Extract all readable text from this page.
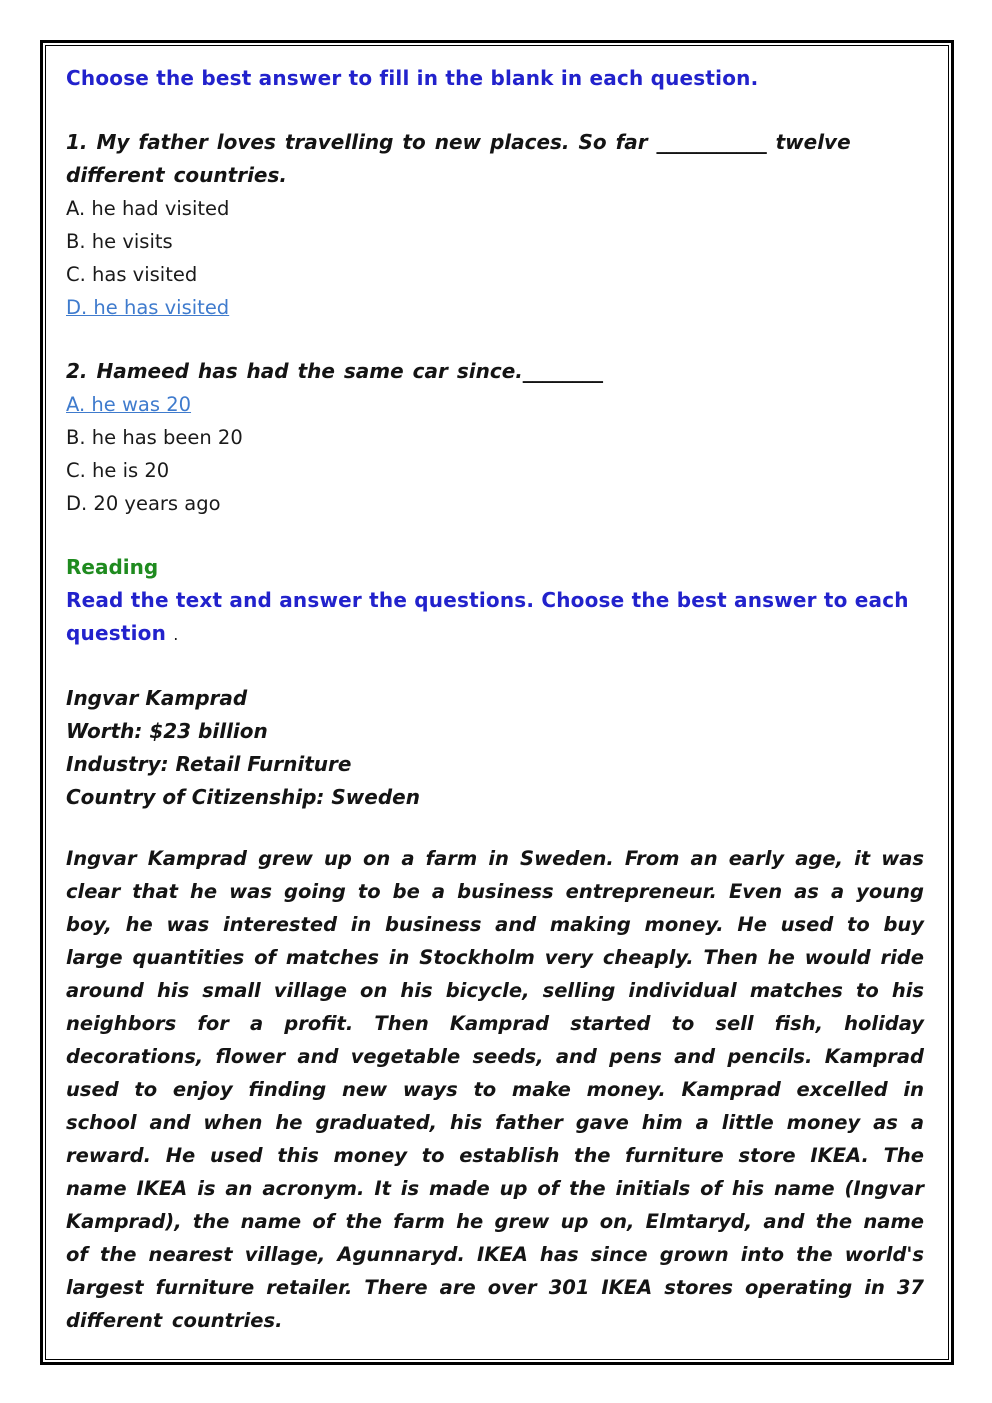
Choose the best answer to fill in the blank in each question.

1. My father loves travelling to new places. So far ___________ twelve different countries.

A. he had visited

B. he visits

C. has visited

D. he has visited

2. Hameed has had the same car since.________

A. he was 20

B. he has been 20

C. he is 20

D. 20 years ago

Reading

Read the text and answer the questions. Choose the best answer to each question .

Ingvar Kamprad

Worth: $23 billion

Industry: Retail Furniture

Country of Citizenship: Sweden

Ingvar Kamprad grew up on a farm in Sweden. From an early age, it was clear that he was going to be a business entrepreneur. Even as a young boy, he was interested in business and making money. He used to buy large quantities of matches in Stockholm very cheaply. Then he would ride around his small village on his bicycle, selling individual matches to his neighbors for a profit. Then Kamprad started to sell fish, holiday decorations, flower and vegetable seeds, and pens and pencils. Kamprad used to enjoy finding new ways to make money. Kamprad excelled in school and when he graduated, his father gave him a little money as a reward. He used this money to establish the furniture store IKEA. The name IKEA is an acronym. It is made up of the initials of his name (Ingvar Kamprad), the name of the farm he grew up on, Elmtaryd, and the name of the nearest village, Agunnaryd. IKEA has since grown into the world's largest furniture retailer. There are over 301 IKEA stores operating in 37 different countries.
